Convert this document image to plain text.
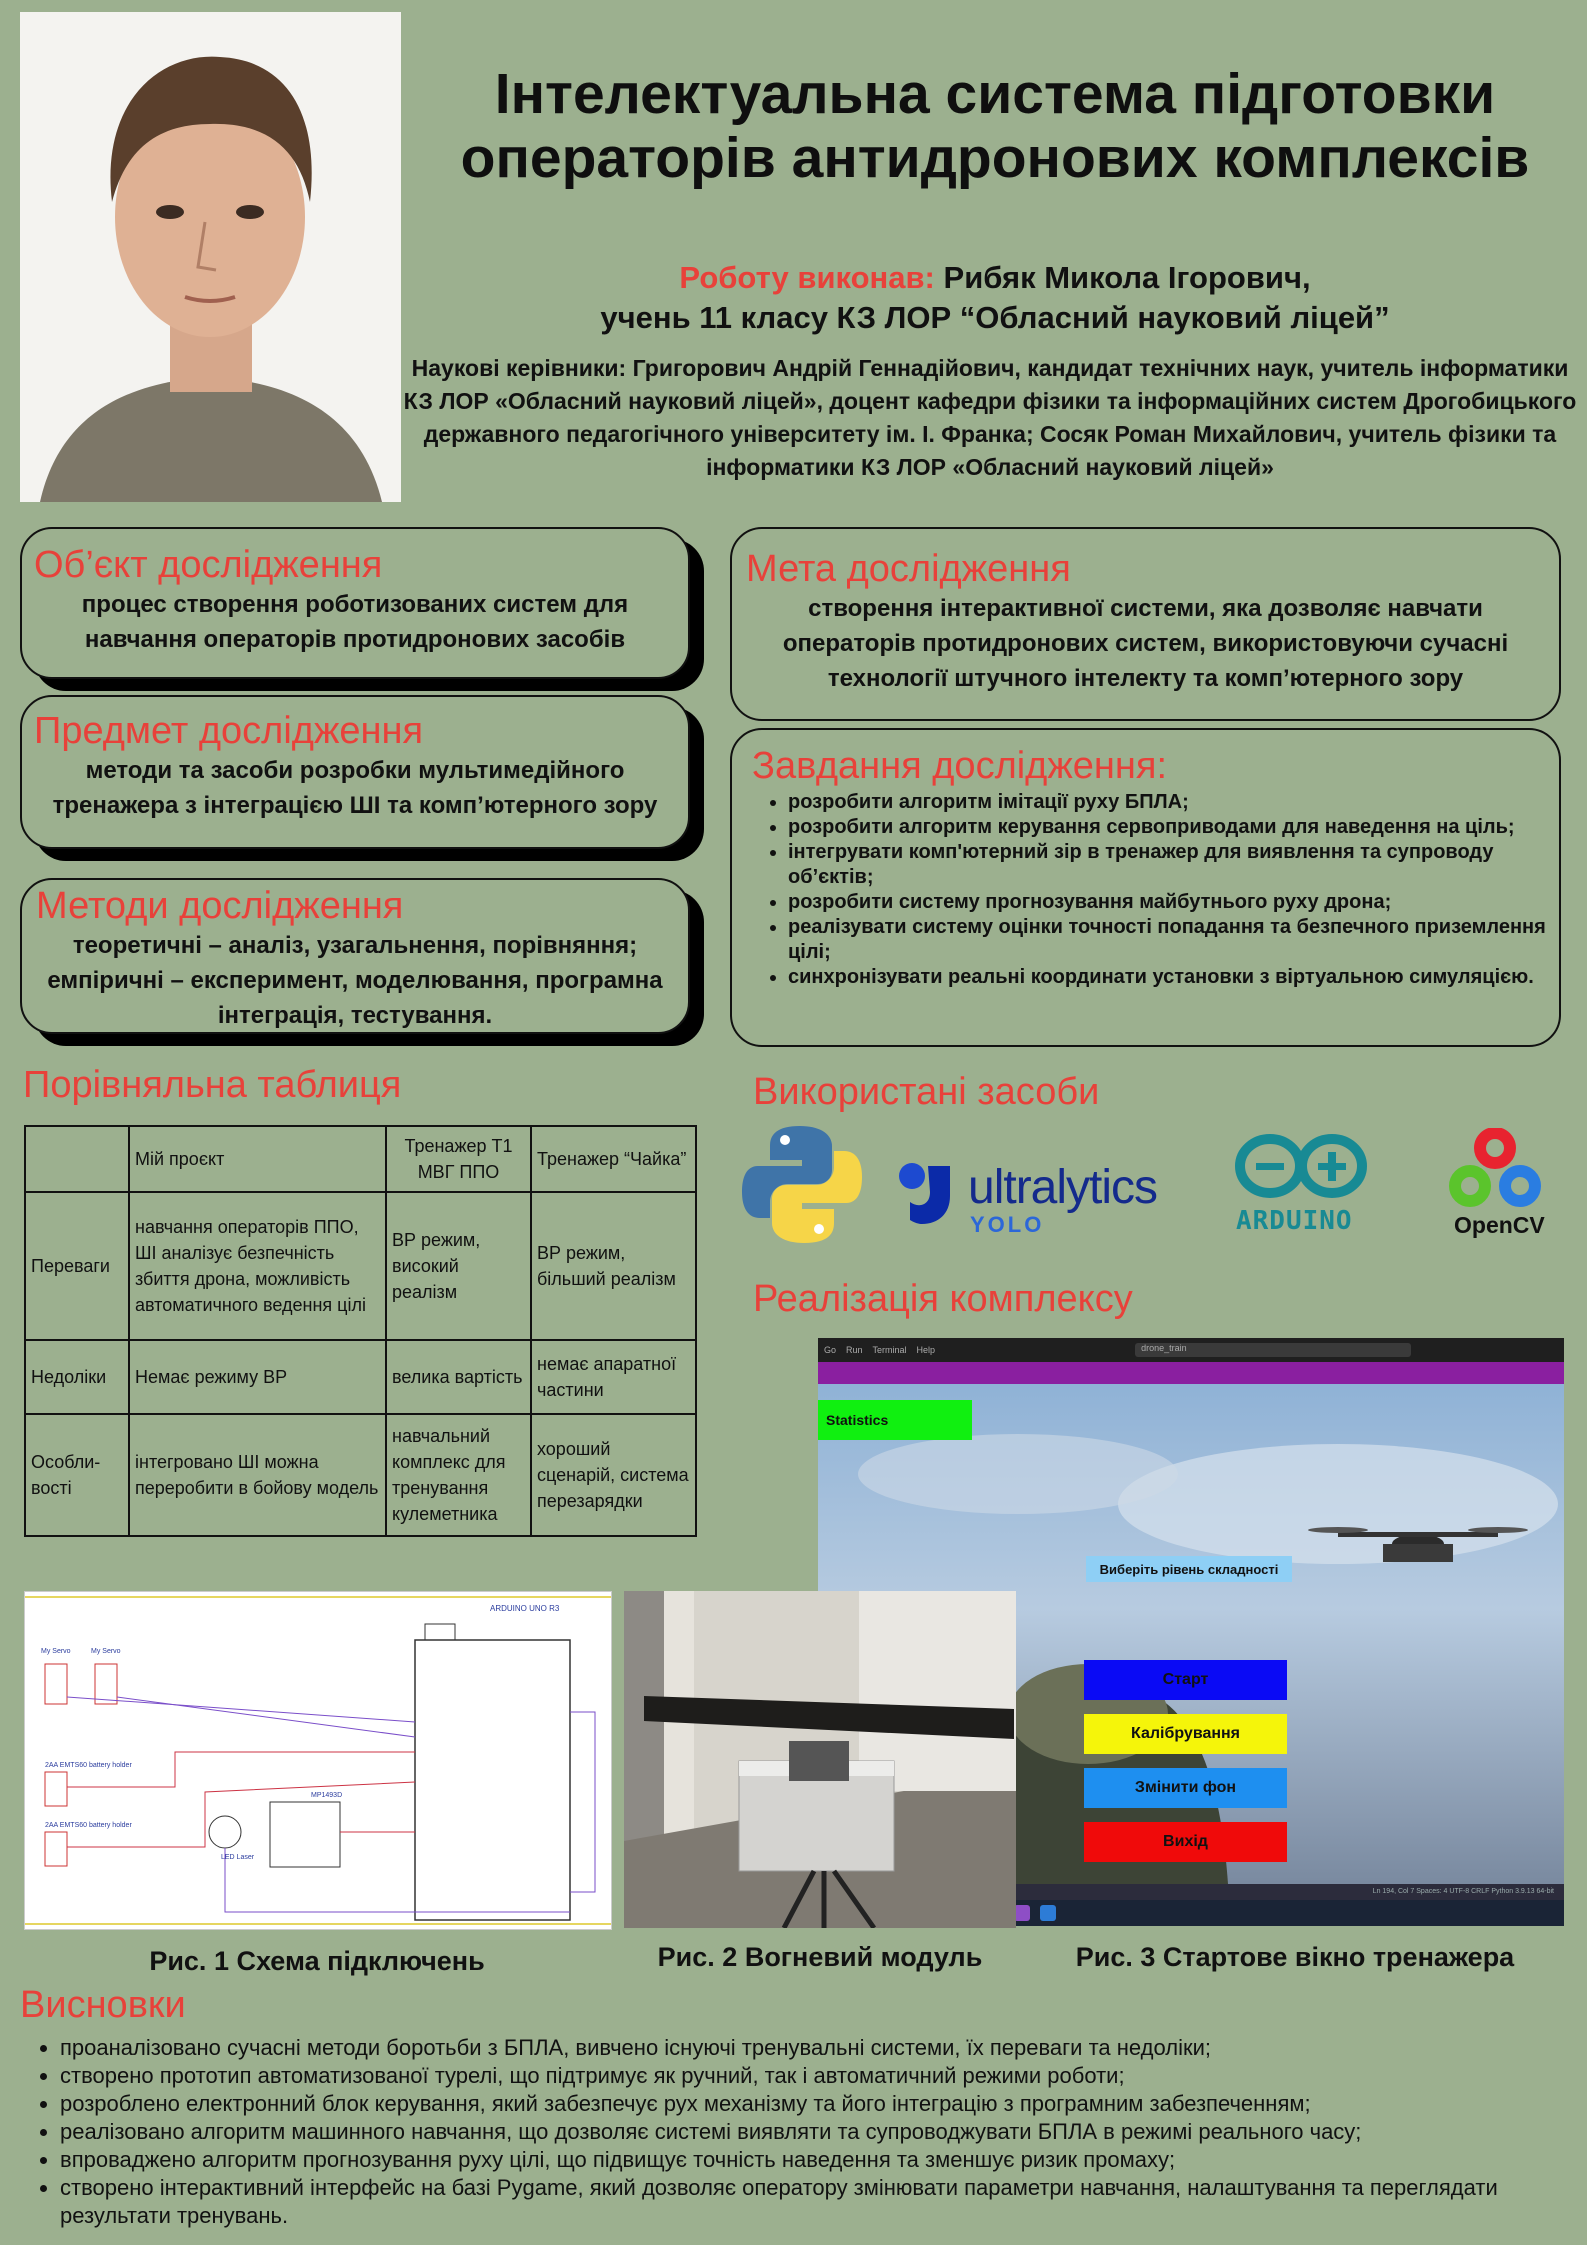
Інтелектуальна система підготовки
операторів антидронових комплексів
Роботу виконав: Рибяк Микола Ігорович,
учень 11 класу КЗ ЛОР “Обласний науковий ліцей”
Наукові керівники: Григорович Андрій Геннадійович, кандидат технічних наук, учитель інформатики КЗ ЛОР «Обласний науковий ліцей», доцент кафедри фізики та інформаційних систем Дрогобицького державного педагогічного університету ім. І. Франка; Сосяк Роман Михайлович, учитель фізики та інформатики КЗ ЛОР «Обласний науковий ліцей»
Об’єкт дослідження

процес створення роботизованих систем для навчання операторів протидронових засобів

Предмет дослідження

методи та засоби розробки мультимедійного тренажера з інтеграцією ШІ та комп’ютерного зору

Методи дослідження

теоретичні – аналіз, узагальнення, порівняння; емпіричні – експеримент, моделювання, програмна інтеграція, тестування.

Мета дослідження

створення інтерактивної системи, яка дозволяє навчати операторів протидронових систем, використовуючи сучасні технології штучного інтелекту та комп’ютерного зору

Завдання дослідження:
• розробити алгоритм імітації руху БПЛА;
• розробити алгоритм керування сервоприводами для наведення на ціль;
• інтегрувати комп'ютерний зір в тренажер для виявлення та супроводу об’єктів;
• розробити систему прогнозування майбутнього руху дрона;
• реалізувати систему оцінки точності попадання та безпечного приземлення цілі;
• синхронізувати реальні координати установки з віртуальною симуляцією.
Порівняльна таблиця
	Мій проєкт	Тренажер Т1 МВГ ППО	Тренажер “Чайка”
Переваги	навчання операторів ППО, ШІ аналізує безпечність збиття дрона, можливість автоматичного ведення цілі	ВР режим, високий реалізм	ВР режим, більший реалізм
Недоліки	Немає режиму ВР	велика вартість	немає апаратної частини
Особли-вості	інтегровано ШІ можна переробити в бойову модель	навчальний комплекс для тренування кулеметника	хороший сценарій, система перезарядки
Використані засоби
ultralytics
YOLO	ARDUINO	OpenCV
Реалізація комплексу
Go Run Terminal Help	drone_train
Statistics
Виберіть рівень складності
Старт
Калібрування
Змінити фон
Вихід
Ln 194, Col 7 Spaces: 4 UTF-8 CRLF Python 3.9.13 64-bit
ARDUINO UNO R3
My Servo	My Servo
2AA EMTS60 battery holder
2AA EMTS60 battery holder
LED Laser
MP1493D
Рис. 1 Схема підключень	Рис. 2 Вогневий модуль	Рис. 3 Стартове вікно тренажера
Висновки
• проаналізовано сучасні методи боротьби з БПЛА, вивчено існуючі тренувальні системи, їх переваги та недоліки;
• створено прототип автоматизованої турелі, що підтримує як ручний, так і автоматичний режими роботи;
• розроблено електронний блок керування, який забезпечує рух механізму та його інтеграцію з програмним забезпеченням;
• реалізовано алгоритм машинного навчання, що дозволяє системі виявляти та супроводжувати БПЛА в режимі реального часу;
• впроваджено алгоритм прогнозування руху цілі, що підвищує точність наведення та зменшує ризик промаху;
• створено інтерактивний інтерфейс на базі Pygame, який дозволяє оператору змінювати параметри навчання, налаштування та переглядати результати тренувань.
